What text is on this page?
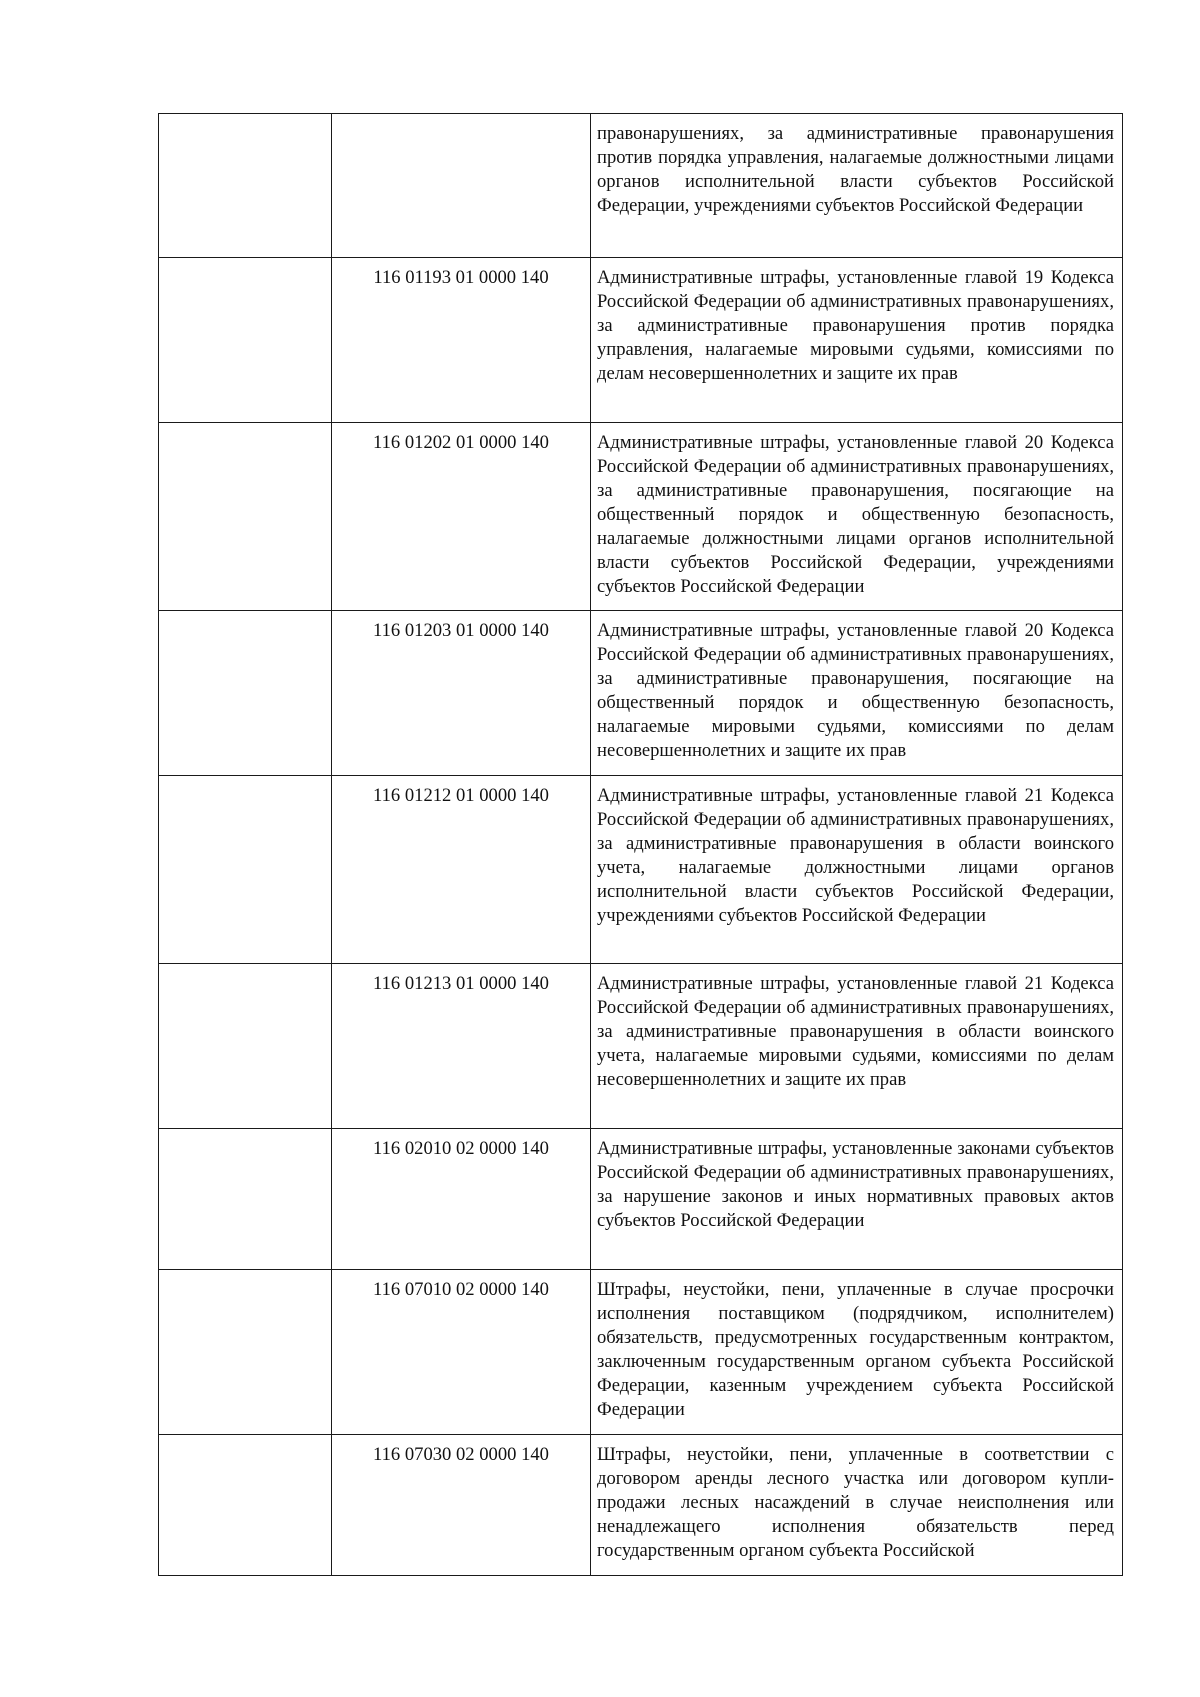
		правонарушениях, за административные правонарушения против порядка управления, налагаемые должностными лицами органов исполнительной власти субъектов Российской Федерации, учреждениями субъектов Российской Федерации
	116 01193 01 0000 140	Административные штрафы, установленные главой 19 Кодекса Российской Федерации об административных правонарушениях, за административные правонарушения против порядка управления, налагаемые мировыми судьями, комиссиями по делам несовершеннолетних и защите их прав
	116 01202 01 0000 140	Административные штрафы, установленные главой 20 Кодекса Российской Федерации об административных правонарушениях, за административные правонарушения, посягающие на общественный порядок и общественную безопасность, налагаемые должностными лицами органов исполнительной власти субъектов Российской Федерации, учреждениями субъектов Российской Федерации
	116 01203 01 0000 140	Административные штрафы, установленные главой 20 Кодекса Российской Федерации об административных правонарушениях, за административные правонарушения, посягающие на общественный порядок и общественную безопасность, налагаемые мировыми судьями, комиссиями по делам несовершеннолетних и защите их прав
	116 01212 01 0000 140	Административные штрафы, установленные главой 21 Кодекса Российской Федерации об административных правонарушениях, за административные правонарушения в области воинского учета, налагаемые должностными лицами органов исполнительной власти субъектов Российской Федерации, учреждениями субъектов Российской Федерации
	116 01213 01 0000 140	Административные штрафы, установленные главой 21 Кодекса Российской Федерации об административных правонарушениях, за административные правонарушения в области воинского учета, налагаемые мировыми судьями, комиссиями по делам несовершеннолетних и защите их прав
	116 02010 02 0000 140	Административные штрафы, установленные законами субъектов Российской Федерации об административных правонарушениях, за нарушение законов и иных нормативных правовых актов субъектов Российской Федерации
	116 07010 02 0000 140	Штрафы, неустойки, пени, уплаченные в случае просрочки исполнения поставщиком (подрядчиком, исполнителем) обязательств, предусмотренных государственным контрактом, заключенным государственным органом субъекта Российской Федерации, казенным учреждением субъекта Российской Федерации
	116 07030 02 0000 140	Штрафы, неустойки, пени, уплаченные в соответствии с договором аренды лесного участка или договором купли-продажи лесных насаждений в случае неисполнения или ненадлежащего исполнения обязательств перед государственным органом субъекта Российской
